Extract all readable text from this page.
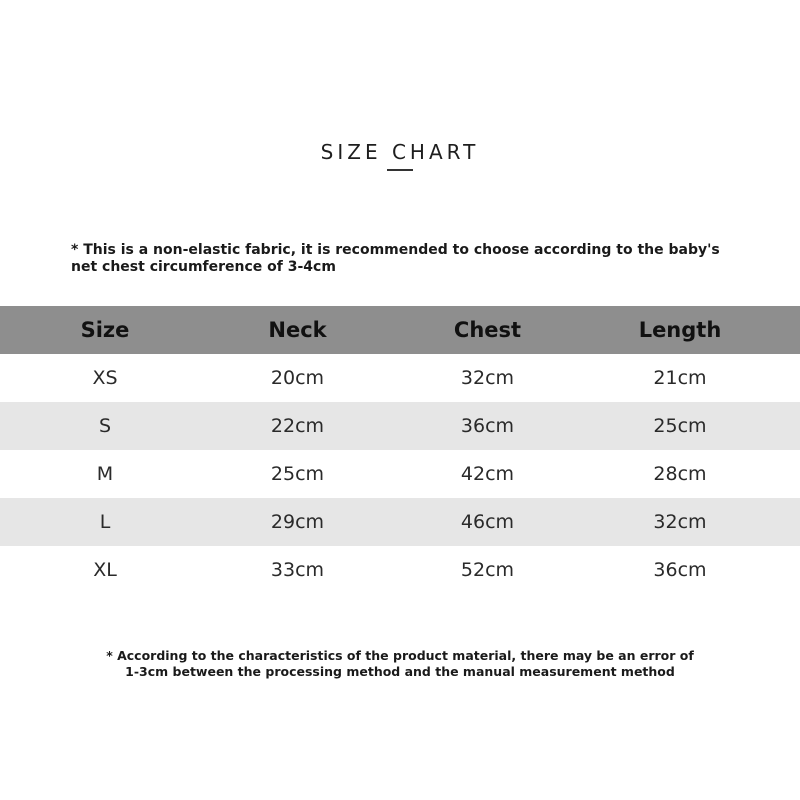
SIZE CHART
* This is a non-elastic fabric, it is recommended to choose according to the baby's net chest circumference of 3-4cm
Size	Neck	Chest	Length
XS	20cm	32cm	21cm
S	22cm	36cm	25cm
M	25cm	42cm	28cm
L	29cm	46cm	32cm
XL	33cm	52cm	36cm
* According to the characteristics of the product material, there may be an error of
1-3cm between the processing method and the manual measurement method
